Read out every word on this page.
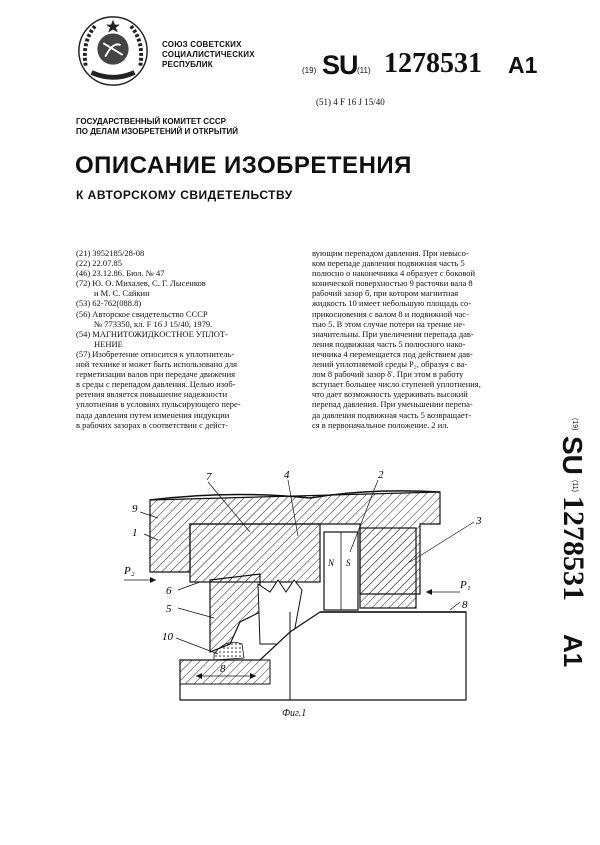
СОЮЗ СОВЕТСКИХ
СОЦИАЛИСТИЧЕСКИХ
РЕСПУБЛИК
(19) SU (11) 1278531 A1
(51) 4 F 16 J 15/40
ГОСУДАРСТВЕННЫЙ КОМИТЕТ СССР
ПО ДЕЛАМ ИЗОБРЕТЕНИЙ И ОТКРЫТИЙ
ОПИСАНИЕ ИЗОБРЕТЕНИЯ
К АВТОРСКОМУ СВИДЕТЕЛЬСТВУ
(21) 3952185/28-08
(22) 22.07.85
(46) 23.12.86. Бюл. № 47
(72) Ю. О. Михалев, С. Г. Лысенков
и М. С. Сайкин
(53) 62-762(088.8)
(56) Авторское свидетельство СССР
№ 773350, кл. F 16 J 15/40, 1979.
(54) МАГНИТОЖИДКОСТНОЕ УПЛОТ-
НЕНИЕ
(57) Изобретение относится к уплотнитель-
ной технике и может быть использовано для
герметизации валов при передаче движения
в среды с перепадом давления. Целью изоб-
ретения является повышение надежности
уплотнения в условиях пульсирующего пере-
пада давления путем изменения индукции
в рабочих зазорах в соответствии с дейст-
вующим перепадом давления. При невысо-
ком перепаде давления подвижная часть 5
полюсно о наконечника 4 образует с боковой
конической поверхностью 9 расточки вала 8
рабочий зазор б, при котором магнитная
жидкость 10 имеет небольшую площадь со-
прикосновения с валом 8 и подвижной час-
тью 5. В этом случае потери на трение не-
значительны. При увеличении перепада дав-
ления подвижная часть 5 полюсного нако-
нечника 4 перемещается под действием дав-
лений уплотняемой среды P₂, образуя с ва-
лом 8 рабочий зазор δ'. При этом в работу
вступает большее число ступеней уплотнения,
что дает возможность удерживать высокий
перепад давления. При уменьшении перепа-
да давления подвижная часть 5 возвращает-
ся в первоначальное положение. 2 ил.	(19)
SU
(11)
1278531
A1
9
1
7	4	2
3
P₂
6
5
10
8
P₁
8
N S
Фиг.1
